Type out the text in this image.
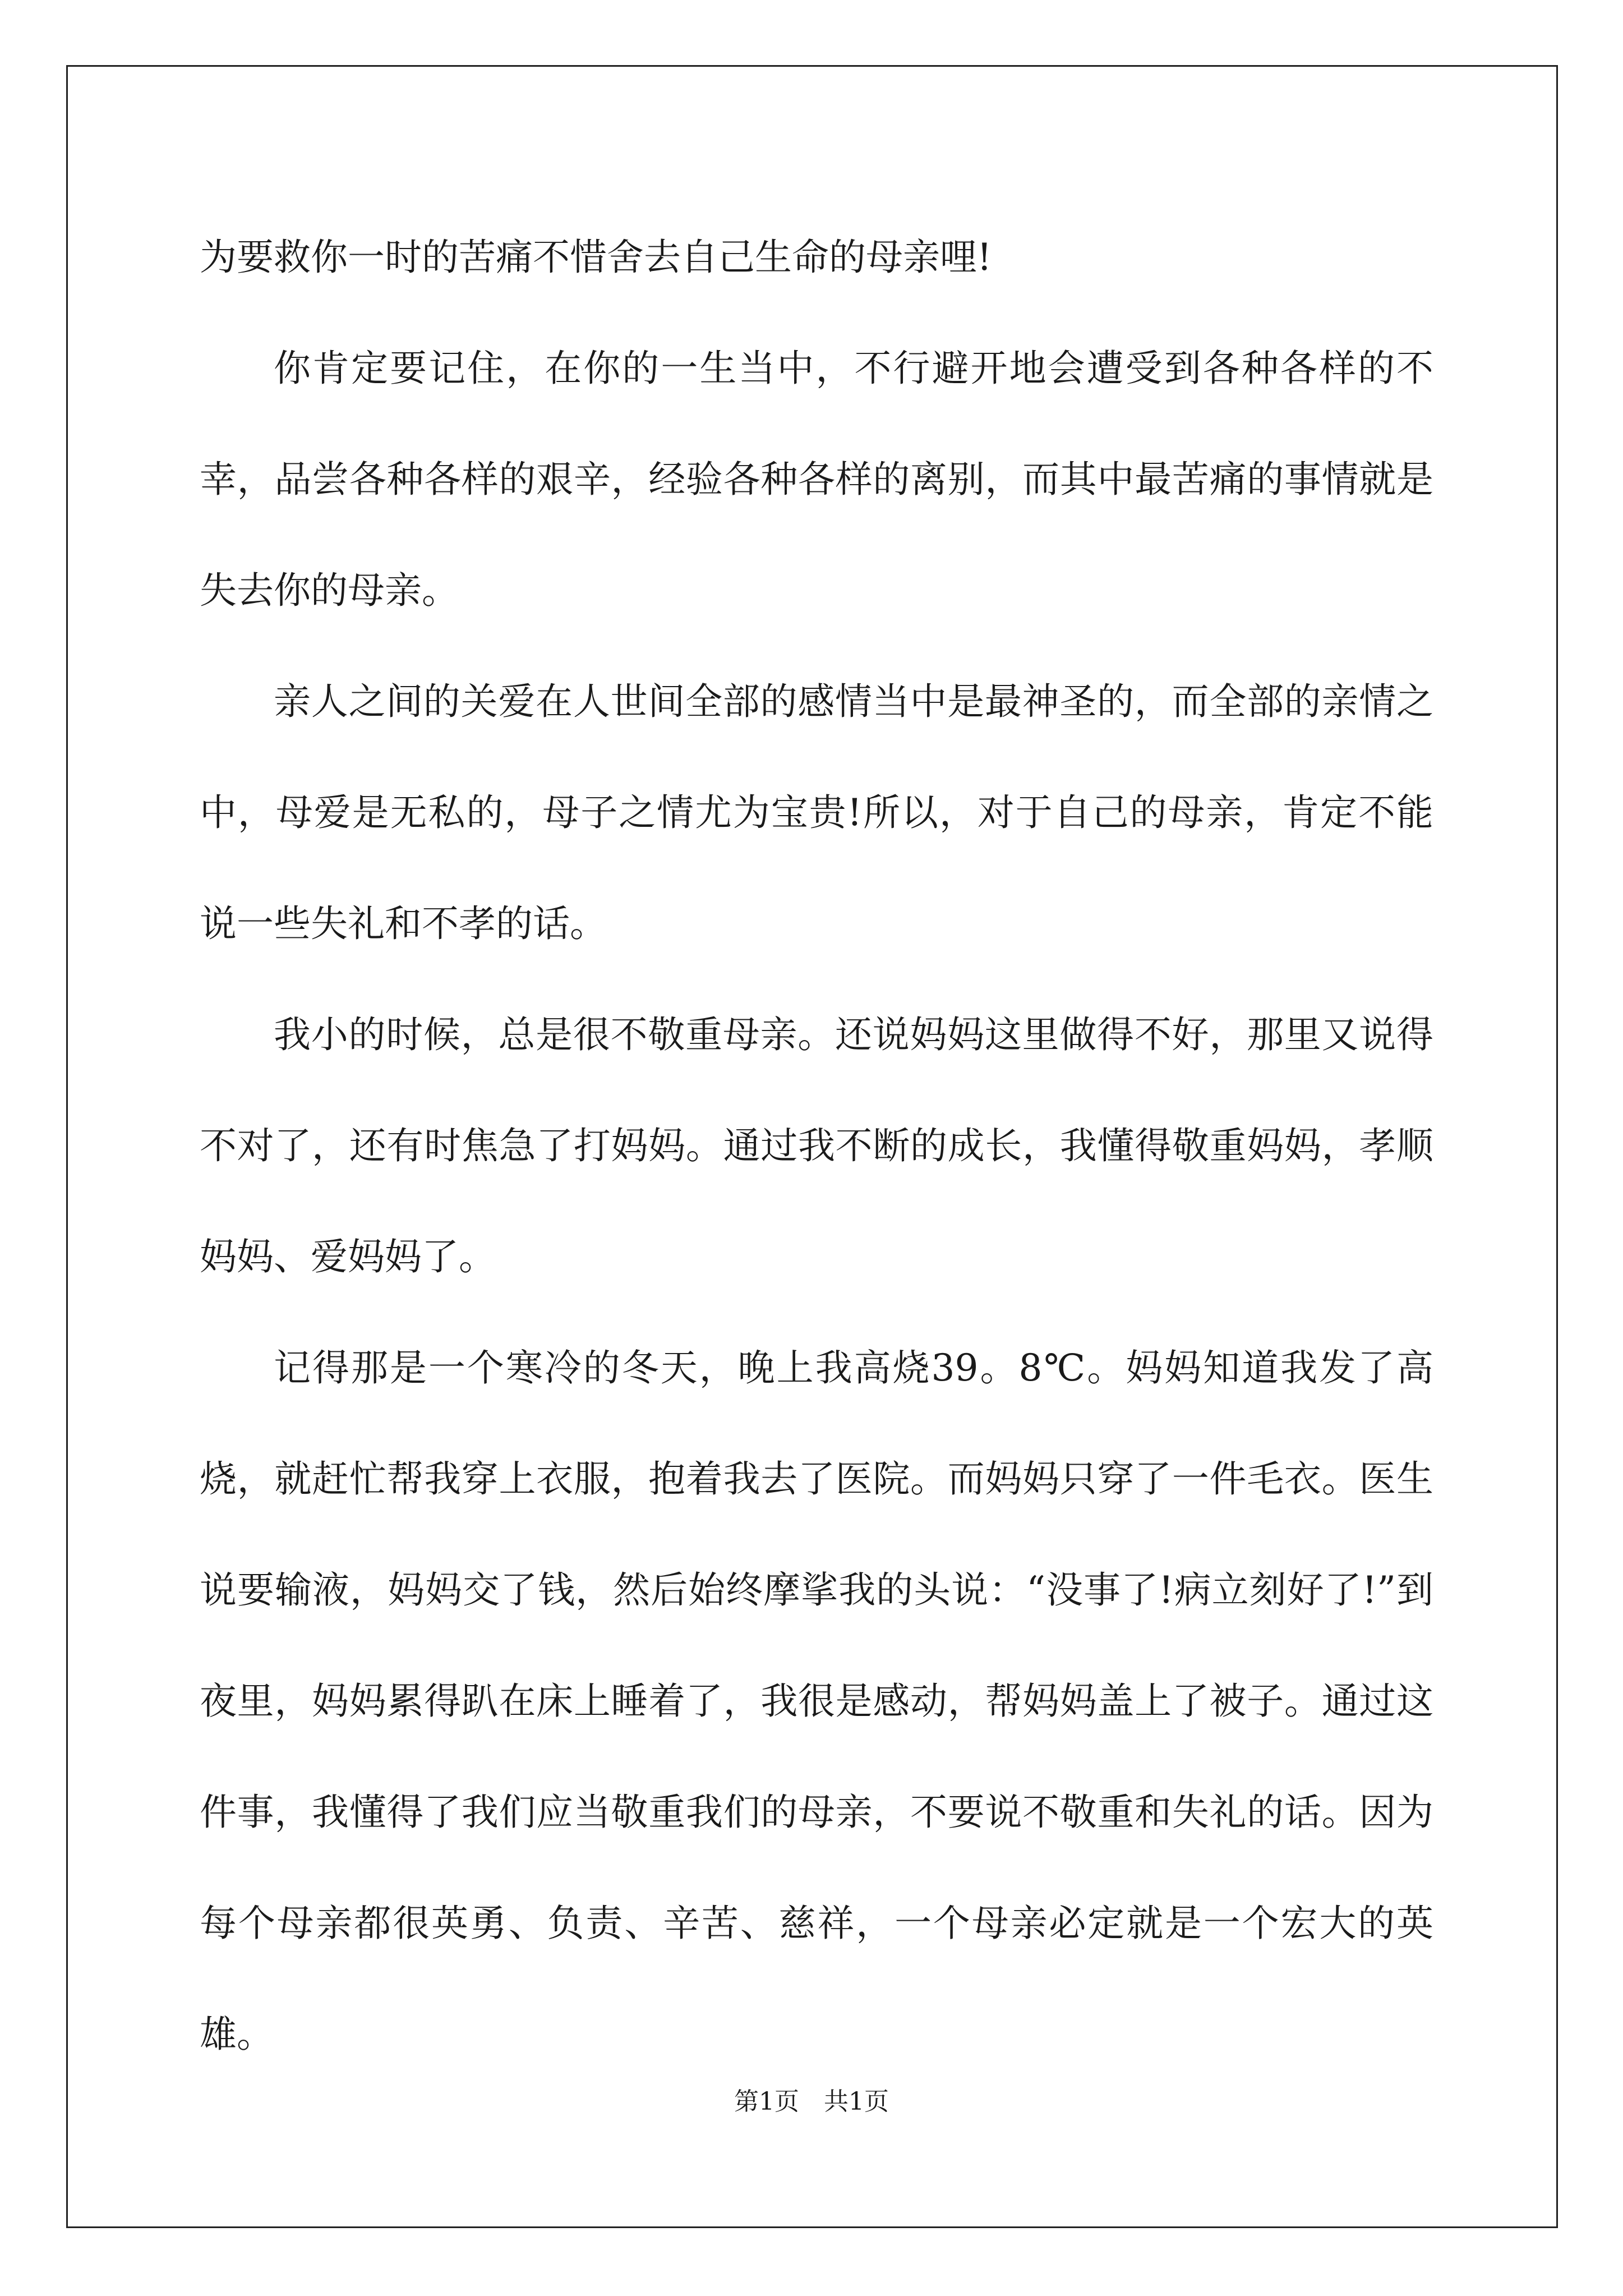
为要救你一时的苦痛不惜舍去自己生命的母亲哩!

你肯定要记住，在你的一生当中，不行避开地会遭受到各种各样的不幸，品尝各种各样的艰辛，经验各种各样的离别，而其中最苦痛的事情就是失去你的母亲。

亲人之间的关爱在人世间全部的感情当中是最神圣的，而全部的亲情之中，母爱是无私的，母子之情尤为宝贵!所以，对于自己的母亲，肯定不能说一些失礼和不孝的话。

我小的时候，总是很不敬重母亲。还说妈妈这里做得不好，那里又说得不对了，还有时焦急了打妈妈。通过我不断的成长，我懂得敬重妈妈，孝顺妈妈、爱妈妈了。

记得那是一个寒冷的冬天，晚上我高烧39。8℃。妈妈知道我发了高烧，就赶忙帮我穿上衣服，抱着我去了医院。而妈妈只穿了一件毛衣。医生说要输液，妈妈交了钱，然后始终摩挲我的头说：“没事了!病立刻好了!”到夜里，妈妈累得趴在床上睡着了，我很是感动，帮妈妈盖上了被子。通过这件事，我懂得了我们应当敬重我们的母亲，不要说不敬重和失礼的话。因为每个母亲都很英勇、负责、辛苦、慈祥，一个母亲必定就是一个宏大的英雄。

第1页　共1页
